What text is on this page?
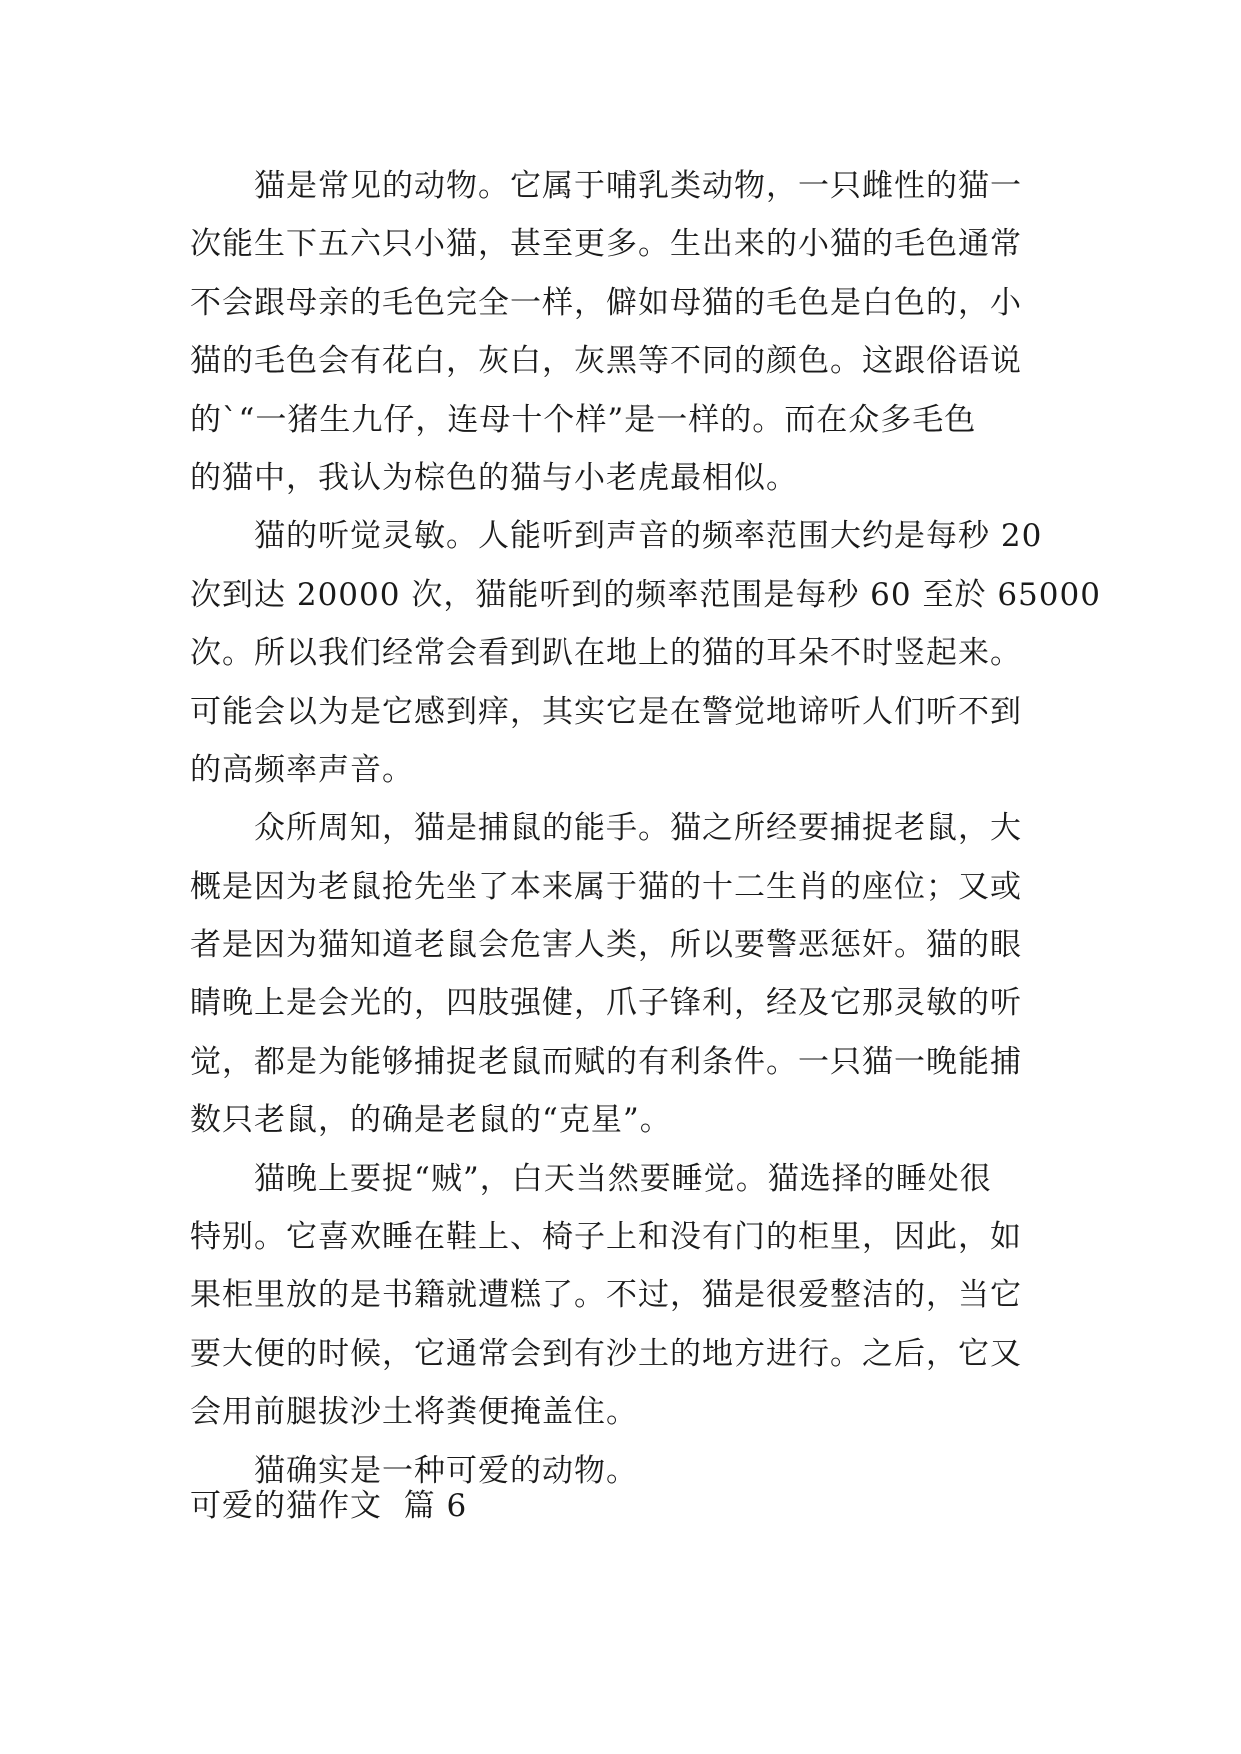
　　猫是常见的动物。它属于哺乳类动物，一只雌性的猫一
次能生下五六只小猫，甚至更多。生出来的小猫的毛色通常
不会跟母亲的毛色完全一样，僻如母猫的毛色是白色的，小
猫的毛色会有花白，灰白，灰黑等不同的颜色。这跟俗语说
的`“一猪生九仔，连母十个样”是一样的。而在众多毛色
的猫中，我认为棕色的猫与小老虎最相似。

　　猫的听觉灵敏。人能听到声音的频率范围大约是每秒 20
次到达 20000 次，猫能听到的频率范围是每秒 60 至於 65000
次。所以我们经常会看到趴在地上的猫的耳朵不时竖起来。
可能会以为是它感到痒，其实它是在警觉地谛听人们听不到
的高频率声音。

　　众所周知，猫是捕鼠的能手。猫之所经要捕捉老鼠，大
概是因为老鼠抢先坐了本来属于猫的十二生肖的座位；又或
者是因为猫知道老鼠会危害人类，所以要警恶惩奸。猫的眼
睛晚上是会光的，四肢强健，爪子锋利，经及它那灵敏的听
觉，都是为能够捕捉老鼠而赋的有利条件。一只猫一晚能捕
数只老鼠，的确是老鼠的“克星”。

　　猫晚上要捉“贼”，白天当然要睡觉。猫选择的睡处很
特别。它喜欢睡在鞋上、椅子上和没有门的柜里，因此，如
果柜里放的是书籍就遭糕了。不过，猫是很爱整洁的，当它
要大便的时候，它通常会到有沙土的地方进行。之后，它又
会用前腿拔沙土将粪便掩盖住。

　　猫确实是一种可爱的动物。

可爱的猫作文  篇 6
